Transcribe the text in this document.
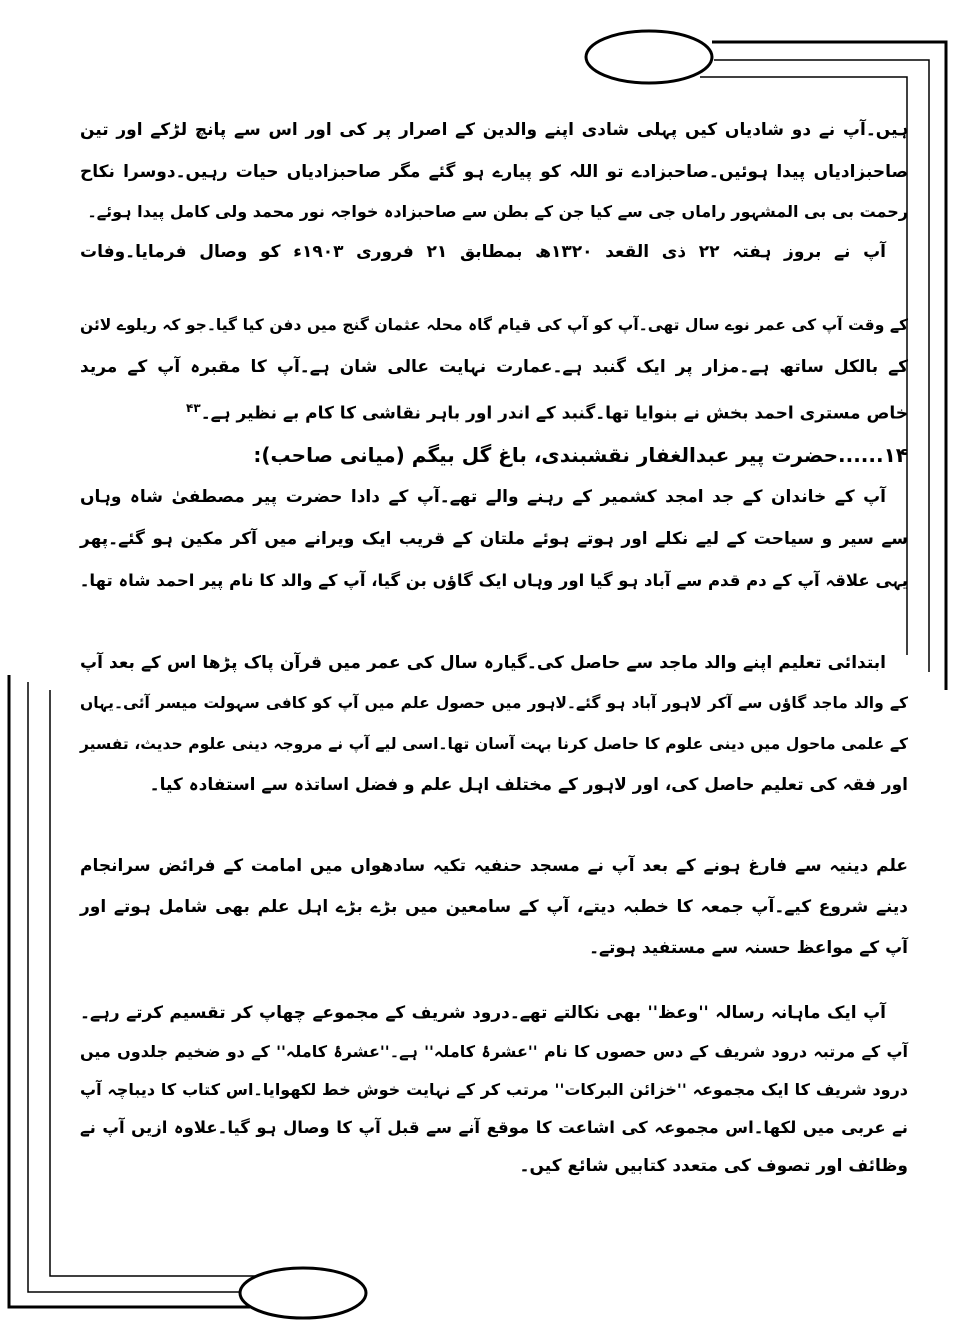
ہیں۔آپ نے دو شادیاں کیں پہلی شادی اپنے والدین کے اصرار پر کی اور اس سے پانچ لڑکے اور تین
صاحبزادیاں پیدا ہوئیں۔صاحبزادے تو اللہ کو پیارے ہو گئے مگر صاحبزادیاں حیات رہیں۔دوسرا نکاح
رحمت بی بی المشہور راماں جی سے کیا جن کے بطن سے صاحبزادہ خواجہ نور محمد ولی کامل پیدا ہوئے۔
آپ نے بروز ہفتہ ۲۲ ذی القعد ۱۳۲۰ھ بمطابق ۲۱ فروری ۱۹۰۳ء کو وصال فرمایا۔وفات
کے وقت آپ کی عمر نوے سال تھی۔آپ کو آپ کی قیام گاہ محلہ عثمان گنج میں دفن کیا گیا۔جو کہ ریلوے لائن
کے بالکل ساتھ ہے۔مزار پر ایک گنبد ہے۔عمارت نہایت عالی شان ہے۔آپ کا مقبرہ آپ کے مرید
خاص مستری احمد بخش نے بنوایا تھا۔گنبد کے اندر اور باہر نقاشی کا کام بے نظیر ہے۔$^{۴۳}$
۱۴......حضرت پیر عبدالغفار نقشبندی، باغ گل بیگم (میانی صاحب):
آپ کے خاندان کے جد امجد کشمیر کے رہنے والے تھے۔آپ کے دادا حضرت پیر مصطفیٰ شاہ وہاں
سے سیر و سیاحت کے لیے نکلے اور ہوتے ہوئے ملتان کے قریب ایک ویرانے میں آکر مکین ہو گئے۔پھر
یہی علاقہ آپ کے دم قدم سے آباد ہو گیا اور وہاں ایک گاؤں بن گیا، آپ کے والد کا نام پیر احمد شاہ تھا۔
ابتدائی تعلیم اپنے والد ماجد سے حاصل کی۔گیارہ سال کی عمر میں قرآن پاک پڑھا اس کے بعد آپ
کے والد ماجد گاؤں سے آکر لاہور آباد ہو گئے۔لاہور میں حصول علم میں آپ کو کافی سہولت میسر آئی۔یہاں
کے علمی ماحول میں دینی علوم کا حاصل کرنا بہت آسان تھا۔اسی لیے آپ نے مروجہ دینی علوم حدیث، تفسیر
اور فقہ کی تعلیم حاصل کی، اور لاہور کے مختلف اہل علم و فضل اساتذہ سے استفادہ کیا۔
علم دینیہ سے فارغ ہونے کے بعد آپ نے مسجد حنفیہ تکیہ سادھواں میں امامت کے فرائض سرانجام
دینے شروع کیے۔آپ جمعہ کا خطبہ دیتے، آپ کے سامعین میں بڑے بڑے اہل علم بھی شامل ہوتے اور
آپ کے مواعظ حسنہ سے مستفید ہوتے۔
آپ ایک ماہانہ رسالہ ''وعظ'' بھی نکالتے تھے۔درود شریف کے مجموعے چھاپ کر تقسیم کرتے رہے۔
آپ کے مرتبہ درود شریف کے دس حصوں کا نام ''عشرۂ کاملہ'' ہے۔''عشرۂ کاملہ'' کے دو ضخیم جلدوں میں
درود شریف کا ایک مجموعہ ''خزائن البرکات'' مرتب کر کے نہایت خوش خط لکھوایا۔اس کتاب کا دیباچہ آپ
نے عربی میں لکھا۔اس مجموعہ کی اشاعت کا موقع آنے سے قبل آپ کا وصال ہو گیا۔علاوہ ازیں آپ نے
وظائف اور تصوف کی متعدد کتابیں شائع کیں۔
